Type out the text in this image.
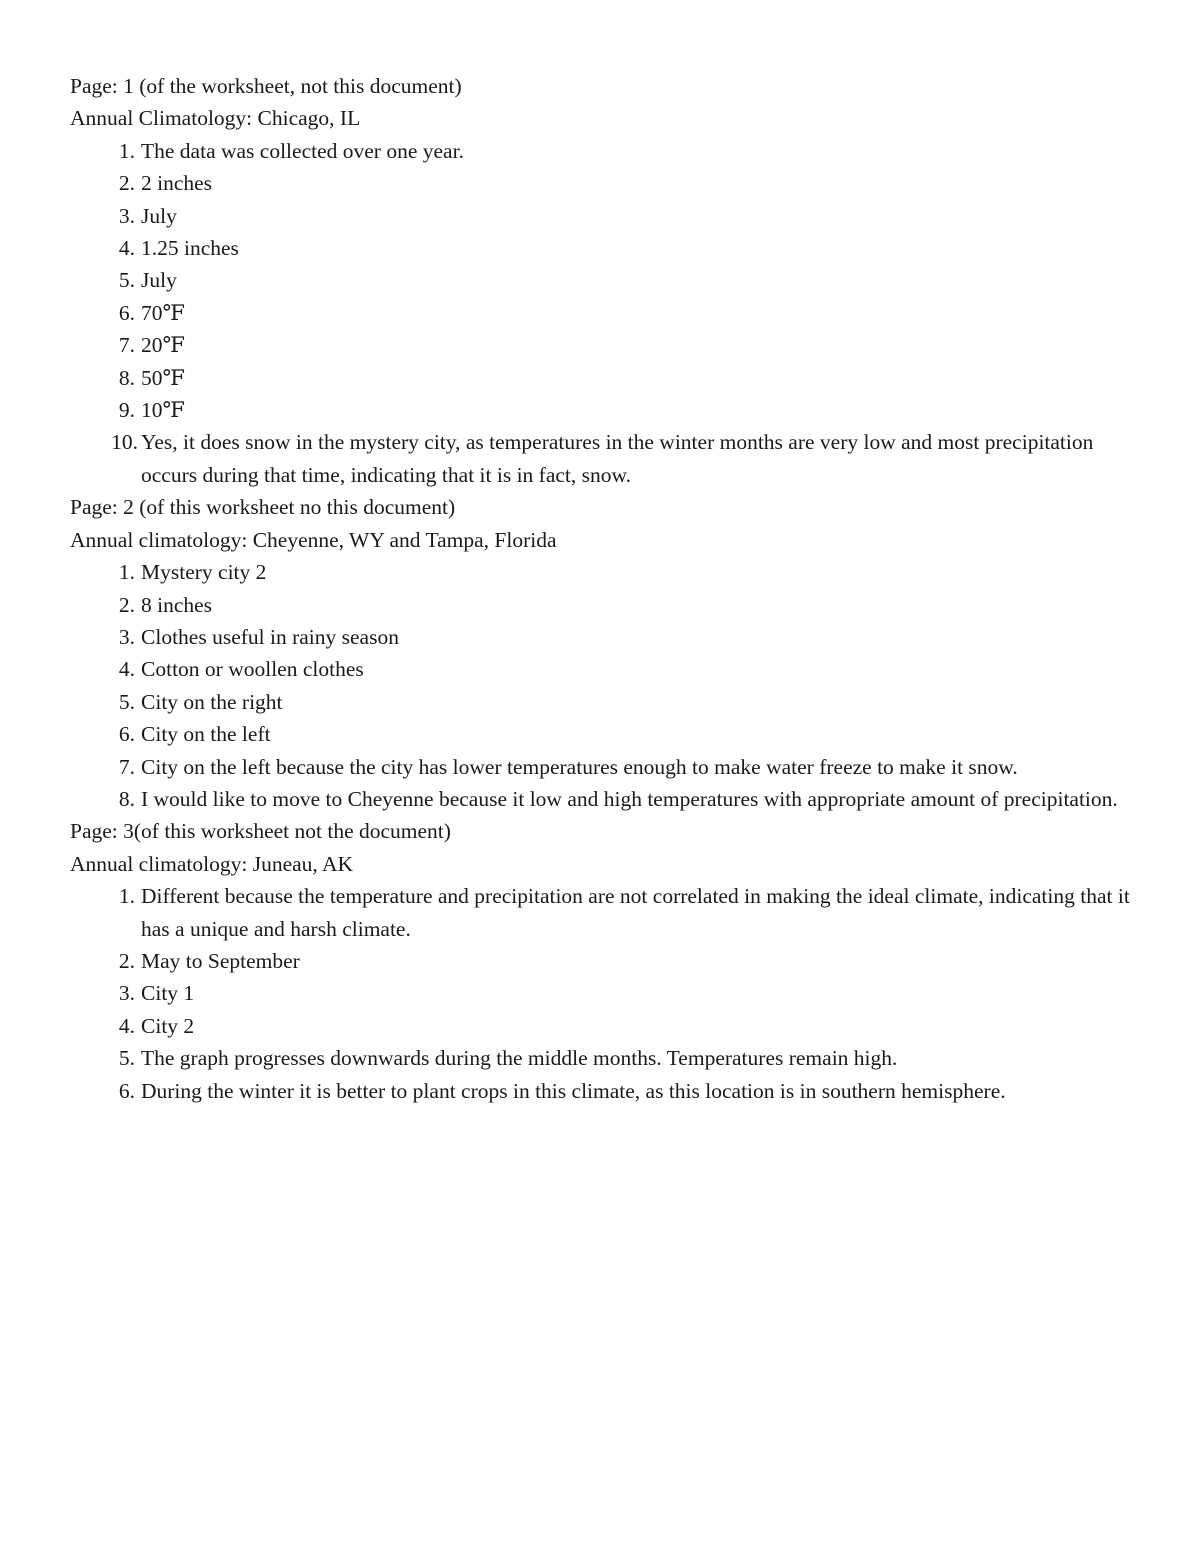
Page: 1 (of the worksheet, not this document)
Annual Climatology: Chicago, IL
1. The data was collected over one year.
2. 2 inches
3. July
4. 1.25 inches
5. July
6. 70℉
7. 20℉
8. 50℉
9. 10℉
10. Yes, it does snow in the mystery city, as temperatures in the winter months are very low and most precipitation occurs during that time, indicating that it is in fact, snow.
Page: 2 (of this worksheet no this document)
Annual climatology: Cheyenne, WY and Tampa, Florida
1. Mystery city 2
2. 8 inches
3. Clothes useful in rainy season
4. Cotton or woollen clothes
5. City on the right
6. City on the left
7. City on the left because the city has lower temperatures enough to make water freeze to make it snow.
8. I would like to move to Cheyenne because it low and high temperatures with appropriate amount of precipitation.
Page: 3(of this worksheet not the document)
Annual climatology: Juneau, AK
1. Different because the temperature and precipitation are not correlated in making the ideal climate, indicating that it has a unique and harsh climate.
2. May to September
3. City 1
4. City 2
5. The graph progresses downwards during the middle months. Temperatures remain high.
6. During the winter it is better to plant crops in this climate, as this location is in southern hemisphere.
